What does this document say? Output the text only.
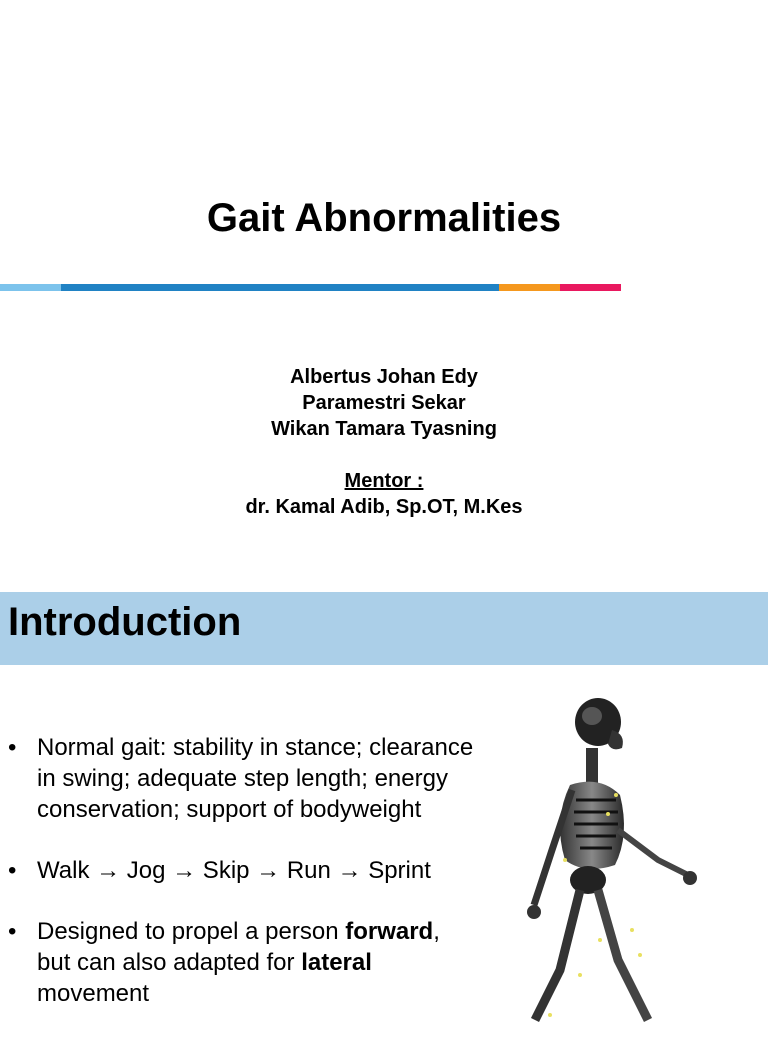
Gait Abnormalities
Albertus Johan Edy
Paramestri Sekar
Wikan Tamara Tyasning
Mentor :
dr. Kamal Adib, Sp.OT, M.Kes
Introduction
• Normal gait: stability in stance; clearance in swing; adequate step length; energy conservation; support of bodyweight
• Walk → Jog → Skip → Run → Sprint
• Designed to propel a person forward, but can also adapted for lateral movement
